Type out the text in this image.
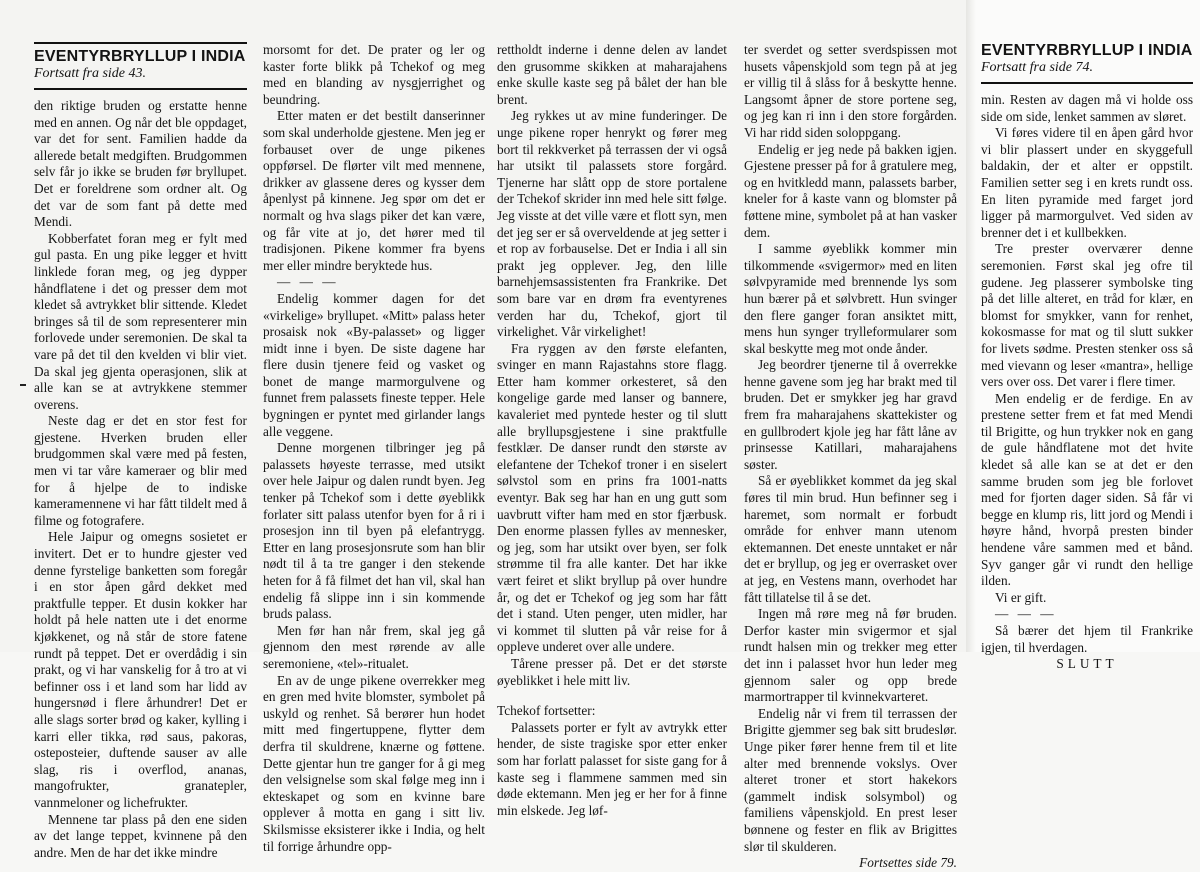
EVENTYRBRYLLUP I INDIA
Fortsatt fra side 43.

den riktige bruden og erstatte henne med en annen. Og når det ble oppdaget, var det for sent. Familien hadde da allerede betalt medgiften. Brudgommen selv får jo ikke se bruden før bryllupet. Det er foreldrene som ordner alt. Og det var de som fant på dette med Mendi.

Kobberfatet foran meg er fylt med gul pasta. En ung pike legger et hvitt linklede foran meg, og jeg dypper håndflatene i det og presser dem mot kledet så avtrykket blir sittende. Kledet bringes så til de som representerer min forlovede under seremonien. De skal ta vare på det til den kvelden vi blir viet. Da skal jeg gjenta operasjonen, slik at alle kan se at avtrykkene stemmer overens.

Neste dag er det en stor fest for gjestene. Hverken bruden eller brudgommen skal være med på festen, men vi tar våre kameraer og blir med for å hjelpe de to indiske kameramennene vi har fått tildelt med å filme og fotografere.

Hele Jaipur og omegns sosietet er invitert. Det er to hundre gjester ved denne fyrstelige banketten som foregår i en stor åpen gård dekket med praktfulle tepper. Et dusin kokker har holdt på hele natten ute i det enorme kjøkkenet, og nå står de store fatene rundt på teppet. Det er overdådig i sin prakt, og vi har vanskelig for å tro at vi befinner oss i et land som har lidd av hungersnød i flere århundrer! Det er alle slags sorter brød og kaker, kylling i karri eller tikka, rød saus, pakoras, osteposteier, duftende sauser av alle slag, ris i overflod, ananas, mangofrukter, granatepler, vannmeloner og lichefrukter.

Mennene tar plass på den ene siden av det lange teppet, kvinnene på den andre. Men de har det ikke mindre

morsomt for det. De prater og ler og kaster forte blikk på Tchekof og meg med en blanding av nysgjerrighet og beundring.

Etter maten er det bestilt danserinner som skal underholde gjestene. Men jeg er forbauset over de unge pikenes oppførsel. De flørter vilt med mennene, drikker av glassene deres og kysser dem åpenlyst på kinnene. Jeg spør om det er normalt og hva slags piker det kan være, og får vite at jo, det hører med til tradisjonen. Pikene kommer fra byens mer eller mindre beryktede hus.

— — —

Endelig kommer dagen for det «virkelige» bryllupet. «Mitt» palass heter prosaisk nok «By-palasset» og ligger midt inne i byen. De siste dagene har flere dusin tjenere feid og vasket og bonet de mange marmorgulvene og funnet frem palassets fineste tepper. Hele bygningen er pyntet med girlander langs alle veggene.

Denne morgenen tilbringer jeg på palassets høyeste terrasse, med utsikt over hele Jaipur og dalen rundt byen. Jeg tenker på Tchekof som i dette øyeblikk forlater sitt palass utenfor byen for å ri i prosesjon inn til byen på elefantrygg. Etter en lang prosesjonsrute som han blir nødt til å ta tre ganger i den stekende heten for å få filmet det han vil, skal han endelig få slippe inn i sin kommende bruds palass.

Men før han når frem, skal jeg gå gjennom den mest rørende av alle seremoniene, «tel»-ritualet.

En av de unge pikene overrekker meg en gren med hvite blomster, symbolet på uskyld og renhet. Så berører hun hodet mitt med fingertuppene, flytter dem derfra til skuldrene, knærne og føttene. Dette gjentar hun tre ganger for å gi meg den velsignelse som skal følge meg inn i ekteskapet og som en kvinne bare opplever å motta en gang i sitt liv. Skilsmisse eksisterer ikke i India, og helt til forrige århundre opp-

rettholdt inderne i denne delen av landet den grusomme skikken at maharajahens enke skulle kaste seg på bålet der han ble brent.

Jeg rykkes ut av mine funderinger. De unge pikene roper henrykt og fører meg bort til rekkverket på terrassen der vi også har utsikt til palassets store forgård. Tjenerne har slått opp de store portalene der Tchekof skrider inn med hele sitt følge. Jeg visste at det ville være et flott syn, men det jeg ser er så overveldende at jeg setter i et rop av forbauselse. Det er India i all sin prakt jeg opplever. Jeg, den lille barnehjemsassistenten fra Frankrike. Det som bare var en drøm fra eventyrenes verden har du, Tchekof, gjort til virkelighet. Vår virkelighet!

Fra ryggen av den første elefanten, svinger en mann Rajastahns store flagg. Etter ham kommer orkesteret, så den kongelige garde med lanser og bannere, kavaleriet med pyntede hester og til slutt alle bryllupsgjestene i sine praktfulle festklær. De danser rundt den største av elefantene der Tchekof troner i en siselert sølvstol som en prins fra 1001-natts eventyr. Bak seg har han en ung gutt som uavbrutt vifter ham med en stor fjærbusk. Den enorme plassen fylles av mennesker, og jeg, som har utsikt over byen, ser folk strømme til fra alle kanter. Det har ikke vært feiret et slikt bryllup på over hundre år, og det er Tchekof og jeg som har fått det i stand. Uten penger, uten midler, har vi kommet til slutten på vår reise for å oppleve underet over alle undere.

Tårene presser på. Det er det største øyeblikket i hele mitt liv.

Tchekof fortsetter:

Palassets porter er fylt av avtrykk etter hender, de siste tragiske spor etter enker som har forlatt palasset for siste gang for å kaste seg i flammene sammen med sin døde ektemann. Men jeg er her for å finne min elskede. Jeg løf-

ter sverdet og setter sverdspissen mot husets våpenskjold som tegn på at jeg er villig til å slåss for å beskytte henne. Langsomt åpner de store portene seg, og jeg kan ri inn i den store forgården. Vi har ridd siden soloppgang.

Endelig er jeg nede på bakken igjen. Gjestene presser på for å gratulere meg, og en hvitkledd mann, palassets barber, kneler for å kaste vann og blomster på føttene mine, symbolet på at han vasker dem.

I samme øyeblikk kommer min tilkommende «svigermor» med en liten sølvpyramide med brennende lys som hun bærer på et sølvbrett. Hun svinger den flere ganger foran ansiktet mitt, mens hun synger trylleformularer som skal beskytte meg mot onde ånder.

Jeg beordrer tjenerne til å overrekke henne gavene som jeg har brakt med til bruden. Det er smykker jeg har gravd frem fra maharajahens skattekister og en gullbrodert kjole jeg har fått låne av prinsesse Katillari, maharajahens søster.

Så er øyeblikket kommet da jeg skal føres til min brud. Hun befinner seg i haremet, som normalt er forbudt område for enhver mann utenom ektemannen. Det eneste unntaket er når det er bryllup, og jeg er overrasket over at jeg, en Vestens mann, overhodet har fått tillatelse til å se det.

Ingen må røre meg nå før bruden. Derfor kaster min svigermor et sjal rundt halsen min og trekker meg etter det inn i palasset hvor hun leder meg gjennom saler og opp brede marmortrapper til kvinnekvarteret.

Endelig når vi frem til terrassen der Brigitte gjemmer seg bak sitt brudeslør. Unge piker fører henne frem til et lite alter med brennende vokslys. Over alteret troner et stort hakekors (gammelt indisk solsymbol) og familiens våpenskjold. En prest leser bønnene og fester en flik av Brigittes slør til skulderen.

Fortsettes side 79.

EVENTYRBRYLLUP I INDIA
Fortsatt fra side 74.

min. Resten av dagen må vi holde oss side om side, lenket sammen av sløret.

Vi føres videre til en åpen gård hvor vi blir plassert under en skyggefull baldakin, der et alter er oppstilt. Familien setter seg i en krets rundt oss. En liten pyramide med farget jord ligger på marmorgulvet. Ved siden av brenner det i et kullbekken.

Tre prester overværer denne seremonien. Først skal jeg ofre til gudene. Jeg plasserer symbolske ting på det lille alteret, en tråd for klær, en blomst for smykker, vann for renhet, kokosmasse for mat og til slutt sukker for livets sødme. Presten stenker oss så med vievann og leser «mantra», hellige vers over oss. Det varer i flere timer.

Men endelig er de ferdige. En av prestene setter frem et fat med Mendi til Brigitte, og hun trykker nok en gang de gule håndflatene mot det hvite kledet så alle kan se at det er den samme bruden som jeg ble forlovet med for fjorten dager siden. Så får vi begge en klump ris, litt jord og Mendi i høyre hånd, hvorpå presten binder hendene våre sammen med et bånd. Syv ganger går vi rundt den hellige ilden.

Vi er gift.

— — —

Så bærer det hjem til Frankrike igjen, til hverdagen.

SLUTT
